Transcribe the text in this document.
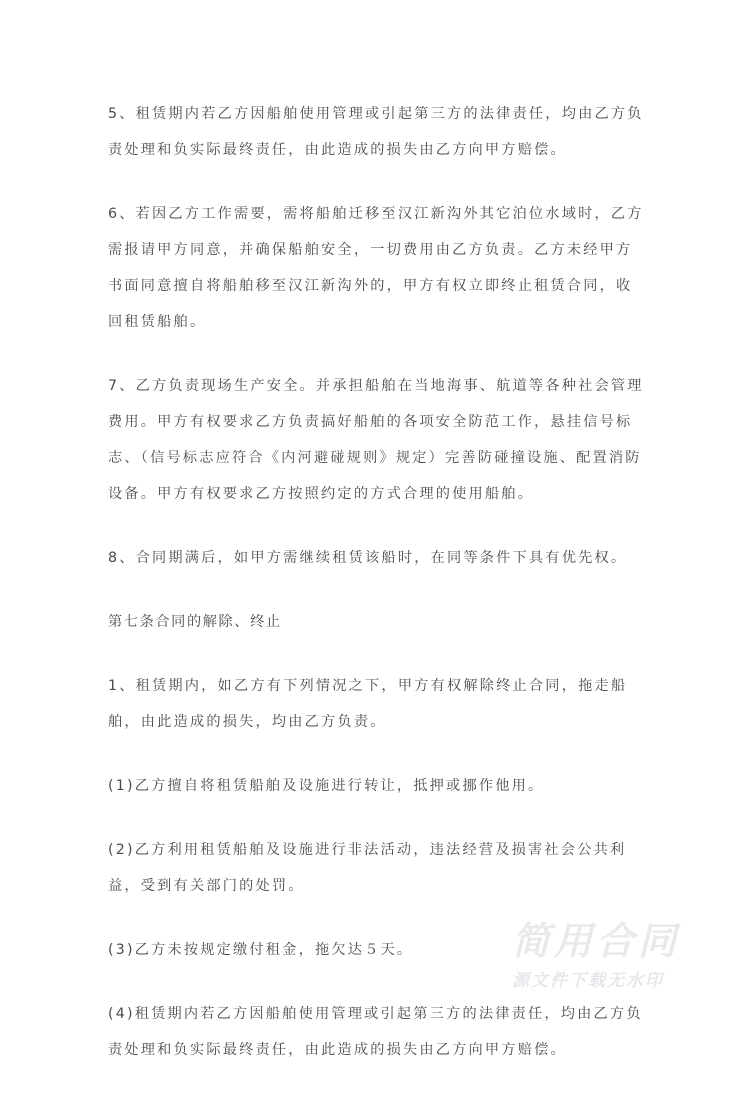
5、租赁期内若乙方因船舶使用管理或引起第三方的法律责任，均由乙方负责处理和负实际最终责任，由此造成的损失由乙方向甲方赔偿。

6、若因乙方工作需要，需将船舶迁移至汉江新沟外其它泊位水域时，乙方需报请甲方同意，并确保船舶安全，一切费用由乙方负责。乙方未经甲方书面同意擅自将船舶移至汉江新沟外的，甲方有权立即终止租赁合同，收回租赁船舶。

7、乙方负责现场生产安全。并承担船舶在当地海事、航道等各种社会管理费用。甲方有权要求乙方负责搞好船舶的各项安全防范工作，悬挂信号标志、（信号标志应符合《内河避碰规则》规定）完善防碰撞设施、配置消防设备。甲方有权要求乙方按照约定的方式合理的使用船舶。

8、合同期满后，如甲方需继续租赁该船时，在同等条件下具有优先权。

第七条合同的解除、终止

1、租赁期内，如乙方有下列情况之下，甲方有权解除终止合同，拖走船舶，由此造成的损失，均由乙方负责。

(1)乙方擅自将租赁船舶及设施进行转让，抵押或挪作他用。

(2)乙方利用租赁船舶及设施进行非法活动，违法经营及损害社会公共利益，受到有关部门的处罚。

(3)乙方未按规定缴付租金，拖欠达５天。

(4)租赁期内若乙方因船舶使用管理或引起第三方的法律责任，均由乙方负责处理和负实际最终责任，由此造成的损失由乙方向甲方赔偿。

简用合同
源文件下载无水印
